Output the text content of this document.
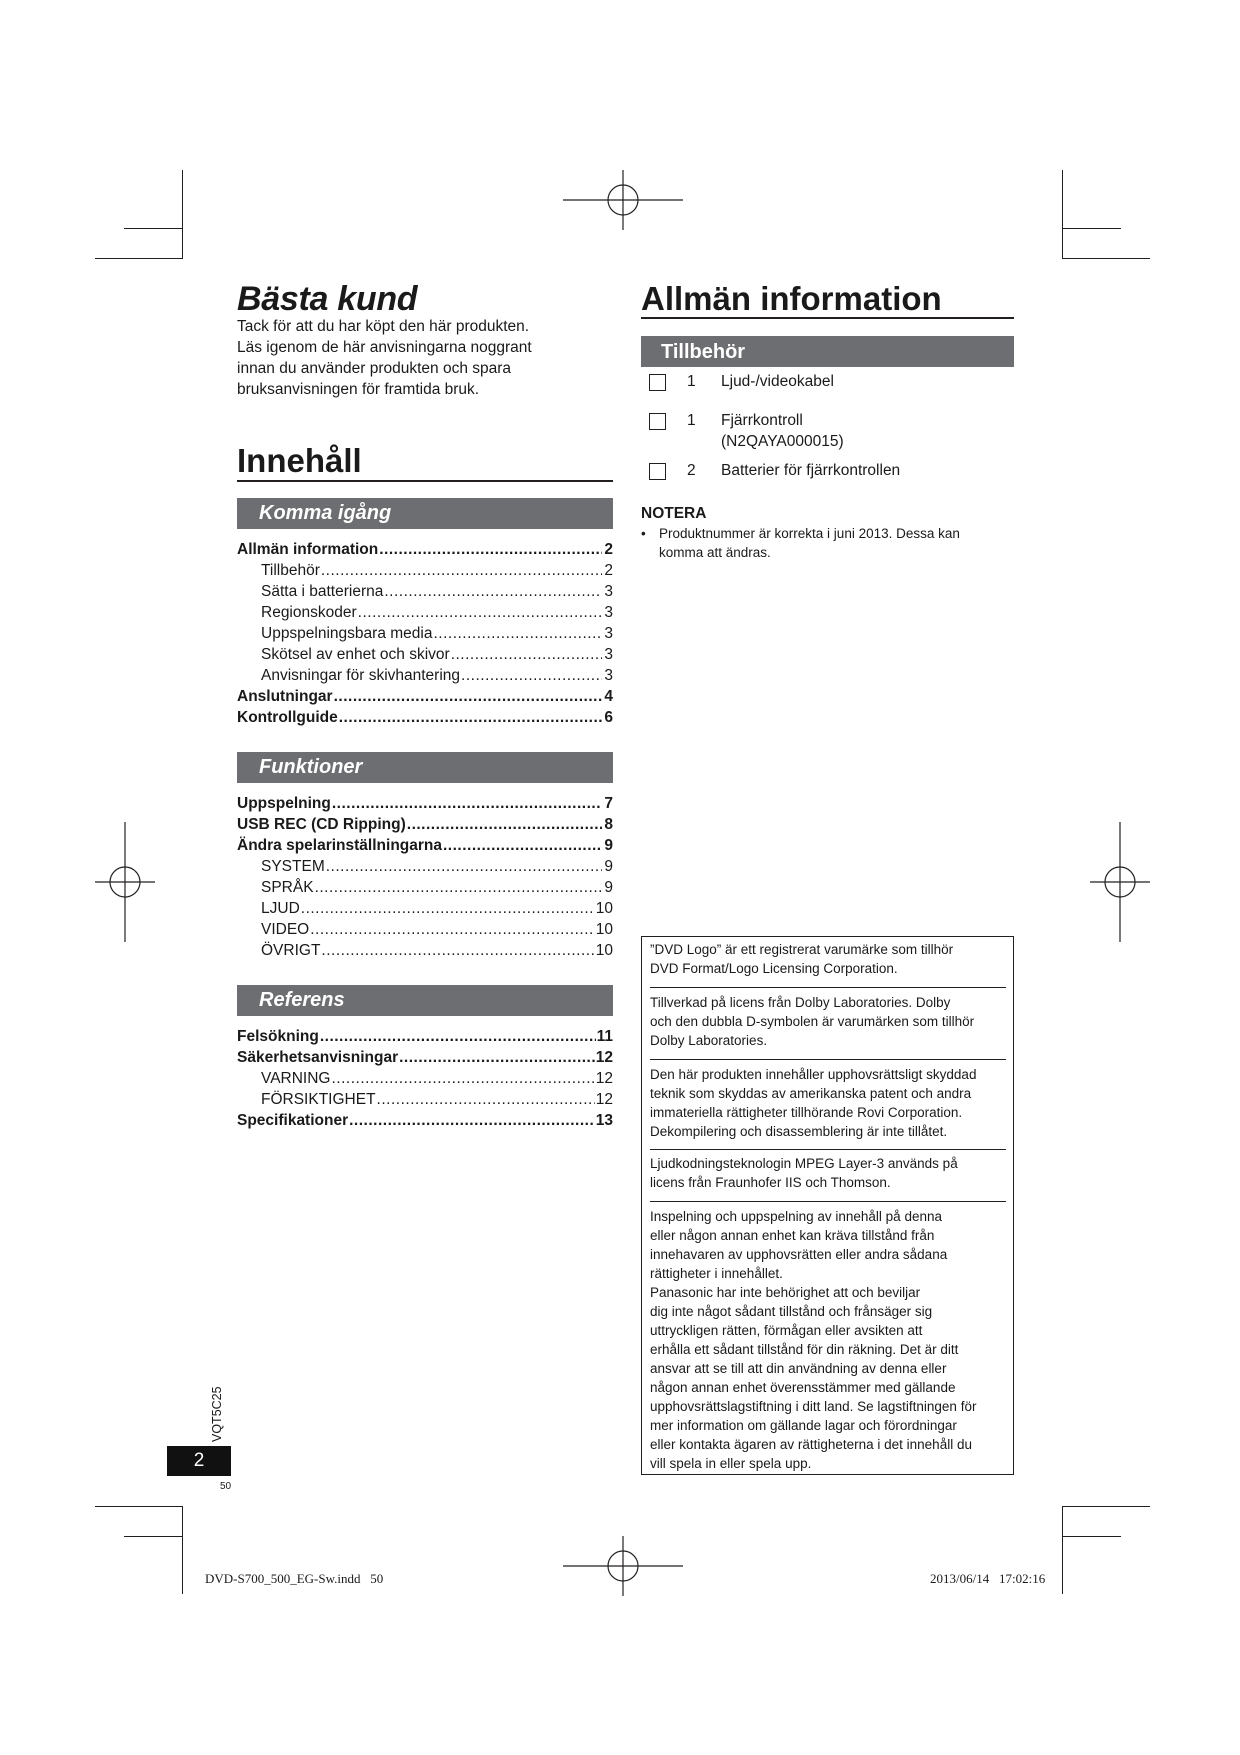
Bästa kund
Tack för att du har köpt den här produkten.
Läs igenom de här anvisningarna noggrant
innan du använder produkten och spara
bruksanvisningen för framtida bruk.
Innehåll
Komma igång
Allmän information .....	2
Tillbehör .....	2
Sätta i batterierna .....	3
Regionskoder .....	3
Uppspelningsbara media .....	3
Skötsel av enhet och skivor .....	3
Anvisningar för skivhantering .....	3
Anslutningar .....	4
Kontrollguide .....	6
Funktioner
Uppspelning .....	7
USB REC (CD Ripping) .....	8
Ändra spelarinställningarna .....	9
SYSTEM .....	9
SPRÅK .....	9
LJUD .....	10
VIDEO .....	10
ÖVRIGT .....	10
Referens
Felsökning .....	11
Säkerhetsanvisningar .....	12
VARNING .....	12
FÖRSIKTIGHET .....	12
Specifikationer .....	13
Allmän information
Tillbehör
1 Ljud-/videokabel
1 Fjärrkontroll
(N2QAYA000015)
2 Batterier för fjärrkontrollen
NOTERA
• Produktnummer är korrekta i juni 2013. Dessa kan
komma att ändras.
”DVD Logo” är ett registrerat varumärke som tillhör
DVD Format/Logo Licensing Corporation.
Tillverkad på licens från Dolby Laboratories. Dolby
och den dubbla D-symbolen är varumärken som tillhör
Dolby Laboratories.
Den här produkten innehåller upphovsrättsligt skyddad
teknik som skyddas av amerikanska patent och andra
immateriella rättigheter tillhörande Rovi Corporation.
Dekompilering och disassemblering är inte tillåtet.
Ljudkodningsteknologin MPEG Layer-3 används på
licens från Fraunhofer IIS och Thomson.
Inspelning och uppspelning av innehåll på denna
eller någon annan enhet kan kräva tillstånd från
innehavaren av upphovsrätten eller andra sådana
rättigheter i innehållet.
Panasonic har inte behörighet att och beviljar
dig inte något sådant tillstånd och frånsäger sig
uttryckligen rätten, förmågan eller avsikten att
erhålla ett sådant tillstånd för din räkning. Det är ditt
ansvar att se till att din användning av denna eller
någon annan enhet överensstämmer med gällande
upphovsrättslagstiftning i ditt land. Se lagstiftningen för
mer information om gällande lagar och förordningar
eller kontakta ägaren av rättigheterna i det innehåll du
vill spela in eller spela upp.
VQT5C25
2
50
DVD-S700_500_EG-Sw.indd   50	2013/06/14   17:02:16
